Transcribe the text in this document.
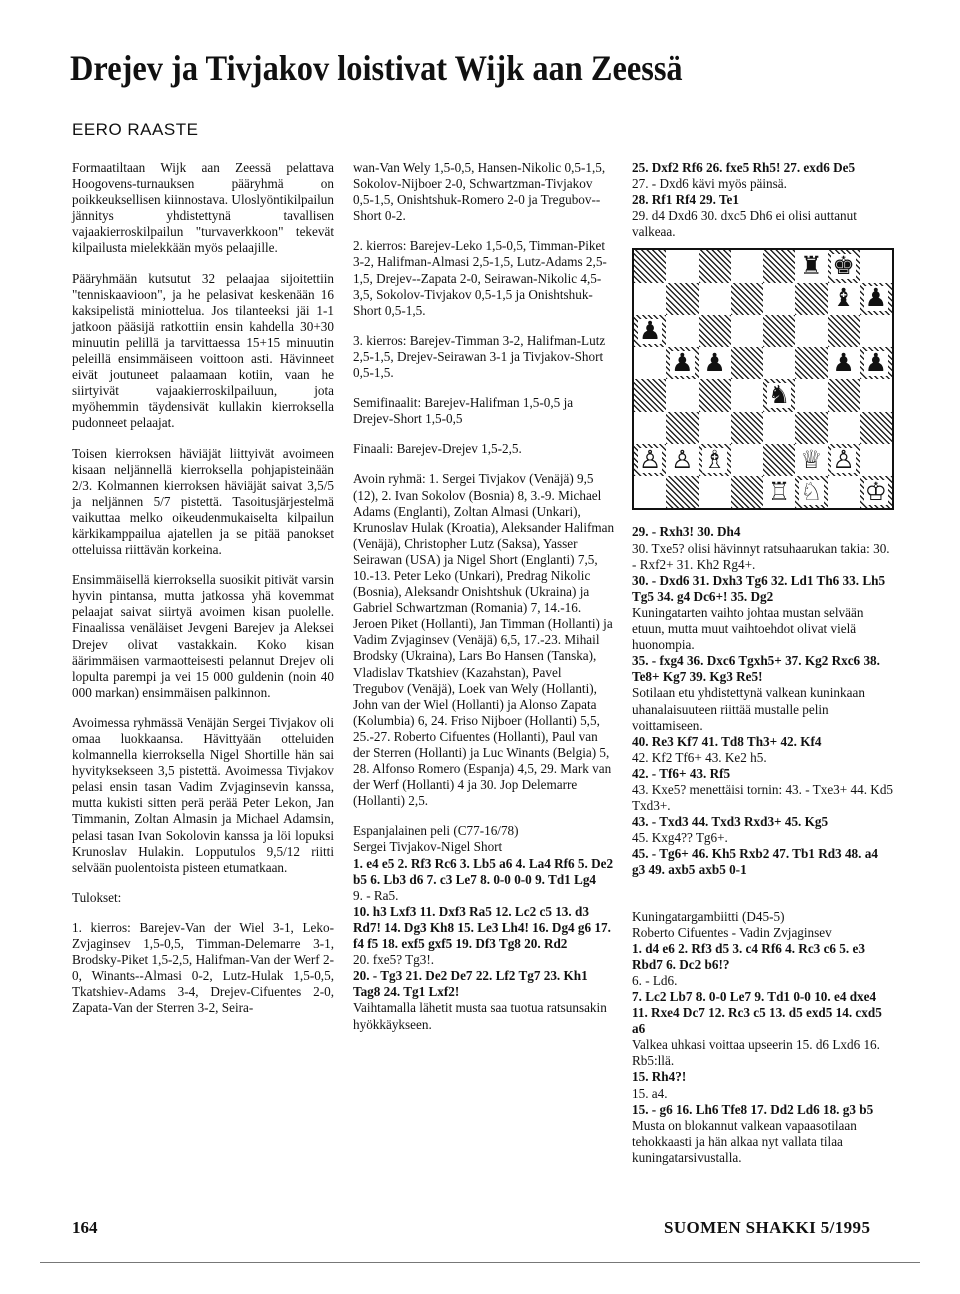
Drejev ja Tivjakov loistivat Wijk aan Zeessä
EERO RAASTE

Formaatiltaan Wijk aan Zeessä pelattava Hoogovens-turnauksen pääryhmä on poikkeuksellisen kiinnostava. Uloslyöntikilpailun jännitys yhdistettynä tavallisen vajaakierroskilpailun "turvaverkkoon" tekevät kilpailusta mielekkään myös pelaajille.

Pääryhmään kutsutut 32 pelaajaa sijoitettiin "tenniskaavioon", ja he pelasivat keskenään 16 kaksipelistä miniottelua. Jos tilanteeksi jäi 1-1 jatkoon pääsijä ratkottiin ensin kahdella 30+30 minuutin pelillä ja tarvittaessa 15+15 minuutin peleillä ensimmäiseen voittoon asti. Hävinneet eivät joutuneet palaamaan kotiin, vaan he siirtyivät vajaakierroskilpailuun, jota myöhemmin täydensivät kullakin kierroksella pudonneet pelaajat.

Toisen kierroksen häviäjät liittyivät avoimeen kisaan neljännellä kierroksella pohjapisteinään 2/3. Kolmannen kierroksen häviäjät saivat 3,5/5 ja neljännen 5/7 pistettä. Tasoitusjärjestelmä vaikuttaa melko oikeudenmukaiselta kilpailun kärkikamppailua ajatellen ja se pitää panokset otteluissa riittävän korkeina.

Ensimmäisellä kierroksella suosikit pitivät varsin hyvin pintansa, mutta jatkossa yhä kovemmat pelaajat saivat siirtyä avoimen kisan puolelle. Finaalissa venäläiset Jevgeni Barejev ja Aleksei Drejev olivat vastakkain. Koko kisan äärimmäisen varmaotteisesti pelannut Drejev oli lopulta parempi ja vei 15 000 guldenin (noin 40 000 markan) ensimmäisen palkinnon.

Avoimessa ryhmässä Venäjän Sergei Tivjakov oli omaa luokkaansa. Hävittyään otteluiden kolmannella kierroksella Nigel Shortille hän sai hyvityksekseen 3,5 pistettä. Avoimessa Tivjakov pelasi ensin tasan Vadim Zvjaginsevin kanssa, mutta kukisti sitten perä perää Peter Lekon, Jan Timmanin, Zoltan Almasin ja Michael Adamsin, pelasi tasan Ivan Sokolovin kanssa ja löi lopuksi Krunoslav Hulakin. Lopputulos 9,5/12 riitti selvään puolentoista pisteen etumatkaan.

Tulokset:

1. kierros: Barejev-Van der Wiel 3-1, Leko-Zvjaginsev 1,5-0,5, Timman-Delemarre 3-1, Brodsky-Piket 1,5-2,5, Halifman-Van der Werf 2-0, Winants--Almasi 0-2, Lutz-Hulak 1,5-0,5, Tkatshiev-Adams 3-4, Drejev-Cifuentes 2-0, Zapata-Van der Sterren 3-2, Seira-

wan-Van Wely 1,5-0,5, Hansen-Nikolic 0,5-1,5, Sokolov-Nijboer 2-0, Schwartzman-Tivjakov 0,5-1,5, Onishtshuk-Romero 2-0 ja Tregubov--Short 0-2.

2. kierros: Barejev-Leko 1,5-0,5, Timman-Piket 3-2, Halifman-Almasi 2,5-1,5, Lutz-Adams 2,5-1,5, Drejev--Zapata 2-0, Seirawan-Nikolic 4,5-3,5, Sokolov-Tivjakov 0,5-1,5 ja Onishtshuk-Short 0,5-1,5.

3. kierros: Barejev-Timman 3-2, Halifman-Lutz 2,5-1,5, Drejev-Seirawan 3-1 ja Tivjakov-Short 0,5-1,5.

Semifinaalit: Barejev-Halifman 1,5-0,5 ja Drejev-Short 1,5-0,5

Finaali: Barejev-Drejev 1,5-2,5.

Avoin ryhmä: 1. Sergei Tivjakov (Venäjä) 9,5 (12), 2. Ivan Sokolov (Bosnia) 8, 3.-9. Michael Adams (Englanti), Zoltan Almasi (Unkari), Krunoslav Hulak (Kroatia), Aleksander Halifman (Venäjä), Christopher Lutz (Saksa), Yasser Seirawan (USA) ja Nigel Short (Englanti) 7,5, 10.-13. Peter Leko (Unkari), Predrag Nikolic (Bosnia), Aleksandr Onishtshuk (Ukraina) ja Gabriel Schwartzman (Romania) 7, 14.-16. Jeroen Piket (Hollanti), Jan Timman (Hollanti) ja Vadim Zvjaginsev (Venäjä) 6,5, 17.-23. Mihail Brodsky (Ukraina), Lars Bo Hansen (Tanska), Vladislav Tkatshiev (Kazahstan), Pavel Tregubov (Venäjä), Loek van Wely (Hollanti), John van der Wiel (Hollanti) ja Alonso Zapata (Kolumbia) 6, 24. Friso Nijboer (Hollanti) 5,5, 25.-27. Roberto Cifuentes (Hollanti), Paul van der Sterren (Hollanti) ja Luc Winants (Belgia) 5, 28. Alfonso Romero (Espanja) 4,5, 29. Mark van der Werf (Hollanti) 4 ja 30. Jop Delemarre (Hollanti) 2,5.

Espanjalainen peli (C77-16/78)
Sergei Tivjakov-Nigel Short
1. e4 e5 2. Rf3 Rc6 3. Lb5 a6 4. La4 Rf6 5. De2 b5 6. Lb3 d6 7. c3 Le7 8. 0-0 0-0 9. Td1 Lg4
9. - Ra5.
10. h3 Lxf3 11. Dxf3 Ra5 12. Lc2 c5 13. d3 Rd7! 14. Dg3 Kh8 15. Le3 Lh4! 16. Dg4 g6 17. f4 f5 18. exf5 gxf5 19. Df3 Tg8 20. Rd2
20. fxe5? Tg3!.
20. - Tg3 21. De2 De7 22. Lf2 Tg7 23. Kh1 Tag8 24. Tg1 Lxf2!
Vaihtamalla lähetit musta saa tuotua ratsunsakin hyökkäykseen.
25. Dxf2 Rf6 26. fxe5 Rh5! 27. exd6 De5
27. - Dxd6 kävi myös päinsä.
28. Rf1 Rf4 29. Te1
29. d4 Dxd6 30. dxc5 Dh6 ei olisi auttanut valkeaa.
♜ ♚
♝ ♟
♟
♟ ♟	♟ ♟
♞
♙ ♙ ♗	♕ ♙
♖ ♘ ♔
29. - Rxh3! 30. Dh4
30. Txe5? olisi hävinnyt ratsuhaarukan takia: 30. - Rxf2+ 31. Kh2 Rg4+.
30. - Dxd6 31. Dxh3 Tg6 32. Ld1 Th6 33. Lh5 Tg5 34. g4 Dc6+! 35. Dg2
Kuningatarten vaihto johtaa mustan selvään etuun, mutta muut vaihtoehdot olivat vielä huonompia.
35. - fxg4 36. Dxc6 Tgxh5+ 37. Kg2 Rxc6 38. Te8+ Kg7 39. Kg3 Re5!
Sotilaan etu yhdistettynä valkean kuninkaan uhanalaisuuteen riittää mustalle pelin voittamiseen.
40. Re3 Kf7 41. Td8 Th3+ 42. Kf4
42. Kf2 Tf6+ 43. Ke2 h5.
42. - Tf6+ 43. Rf5
43. Kxe5? menettäisi tornin: 43. - Txe3+ 44. Kd5 Txd3+.
43. - Txd3 44. Txd3 Rxd3+ 45. Kg5
45. Kxg4?? Tg6+.
45. - Tg6+ 46. Kh5 Rxb2 47. Tb1 Rd3 48. a4 g3 49. axb5 axb5 0-1
Kuningatargambiitti (D45-5)
Roberto Cifuentes - Vadin Zvjaginsev
1. d4 e6 2. Rf3 d5 3. c4 Rf6 4. Rc3 c6 5. e3 Rbd7 6. Dc2 b6!?
6. - Ld6.
7. Lc2 Lb7 8. 0-0 Le7 9. Td1 0-0 10. e4 dxe4 11. Rxe4 Dc7 12. Rc3 c5 13. d5 exd5 14. cxd5 a6
Valkea uhkasi voittaa upseerin 15. d6 Lxd6 16. Rb5:llä.
15. Rh4?!
15. a4.
15. - g6 16. Lh6 Tfe8 17. Dd2 Ld6 18. g3 b5
Musta on blokannut valkean vapaasotilaan tehokkaasti ja hän alkaa nyt vallata tilaa kuningatarsivustalla.
164	SUOMEN SHAKKI 5/1995
